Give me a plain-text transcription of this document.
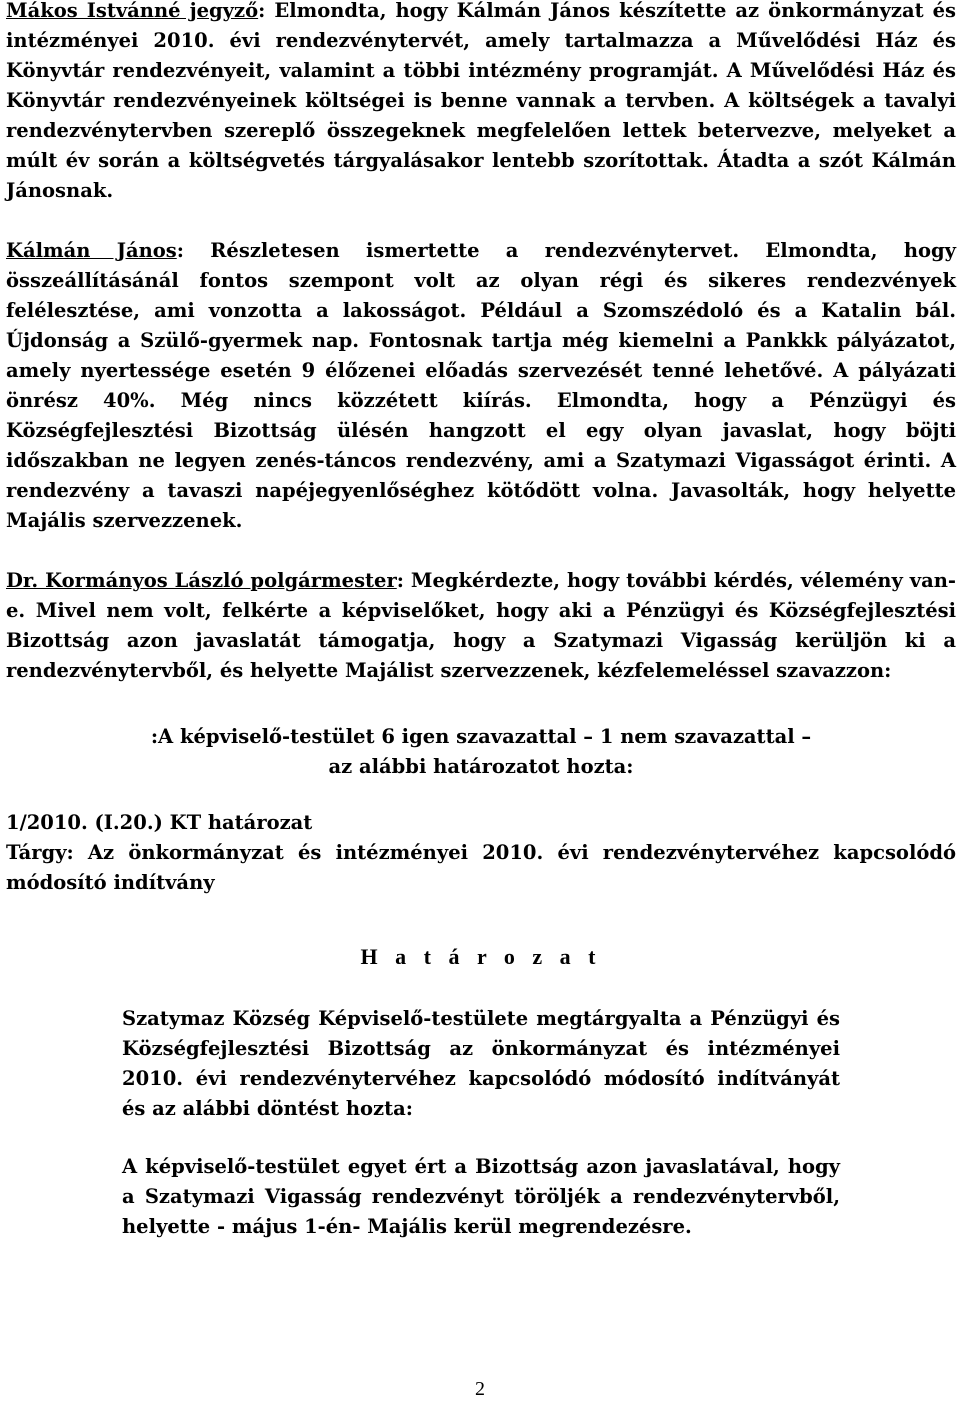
Mákos Istvánné jegyző: Elmondta, hogy Kálmán János készítette az önkormányzat és intézményei 2010. évi rendezvénytervét, amely tartalmazza a Művelődési Ház és Könyvtár rendezvényeit, valamint a többi intézmény programját. A Művelődési Ház és Könyvtár rendezvényeinek költségei is benne vannak a tervben. A költségek a tavalyi rendezvénytervben szereplő összegeknek megfelelően lettek betervezve, melyeket a múlt év során a költségvetés tárgyalásakor lentebb szorítottak. Átadta a szót Kálmán Jánosnak.

Kálmán János: Részletesen ismertette a rendezvénytervet. Elmondta, hogy összeállításánál fontos szempont volt az olyan régi és sikeres rendezvények felélesztése, ami vonzotta a lakosságot. Például a Szomszédoló és a Katalin bál. Újdonság a Szülő-gyermek nap. Fontosnak tartja még kiemelni a Pankkk pályázatot, amely nyertessége esetén 9 élőzenei előadás szervezését tenné lehetővé. A pályázati önrész 40%. Még nincs közzétett kiírás. Elmondta, hogy a Pénzügyi és Községfejlesztési Bizottság ülésén hangzott el egy olyan javaslat, hogy böjti időszakban ne legyen zenés-táncos rendezvény, ami a Szatymazi Vigasságot érinti. A rendezvény a tavaszi napéjegyenlőséghez kötődött volna. Javasolták, hogy helyette Majális szervezzenek.

Dr. Kormányos László polgármester: Megkérdezte, hogy további kérdés, vélemény van-e. Mivel nem volt, felkérte a képviselőket, hogy aki a Pénzügyi és Községfejlesztési Bizottság azon javaslatát támogatja, hogy a Szatymazi Vigasság kerüljön ki a rendezvénytervből, és helyette Majálist szervezzenek, kézfelemeléssel szavazzon:

:A képviselő-testület 6 igen szavazattal – 1 nem szavazattal –

az alábbi határozatot hozta:

1/2010. (I.20.) KT határozat

Tárgy: Az önkormányzat és intézményei 2010. évi rendezvénytervéhez kapcsolódó módosító indítvány

H a t á r o z a t

Szatymaz Község Képviselő-testülete megtárgyalta a Pénzügyi és Községfejlesztési Bizottság az önkormányzat és intézményei 2010. évi rendezvénytervéhez kapcsolódó módosító indítványát és az alábbi döntést hozta:

A képviselő-testület egyet ért a Bizottság azon javaslatával, hogy a Szatymazi Vigasság rendezvényt töröljék a rendezvénytervből, helyette - május 1-én- Majális kerül megrendezésre.

2
